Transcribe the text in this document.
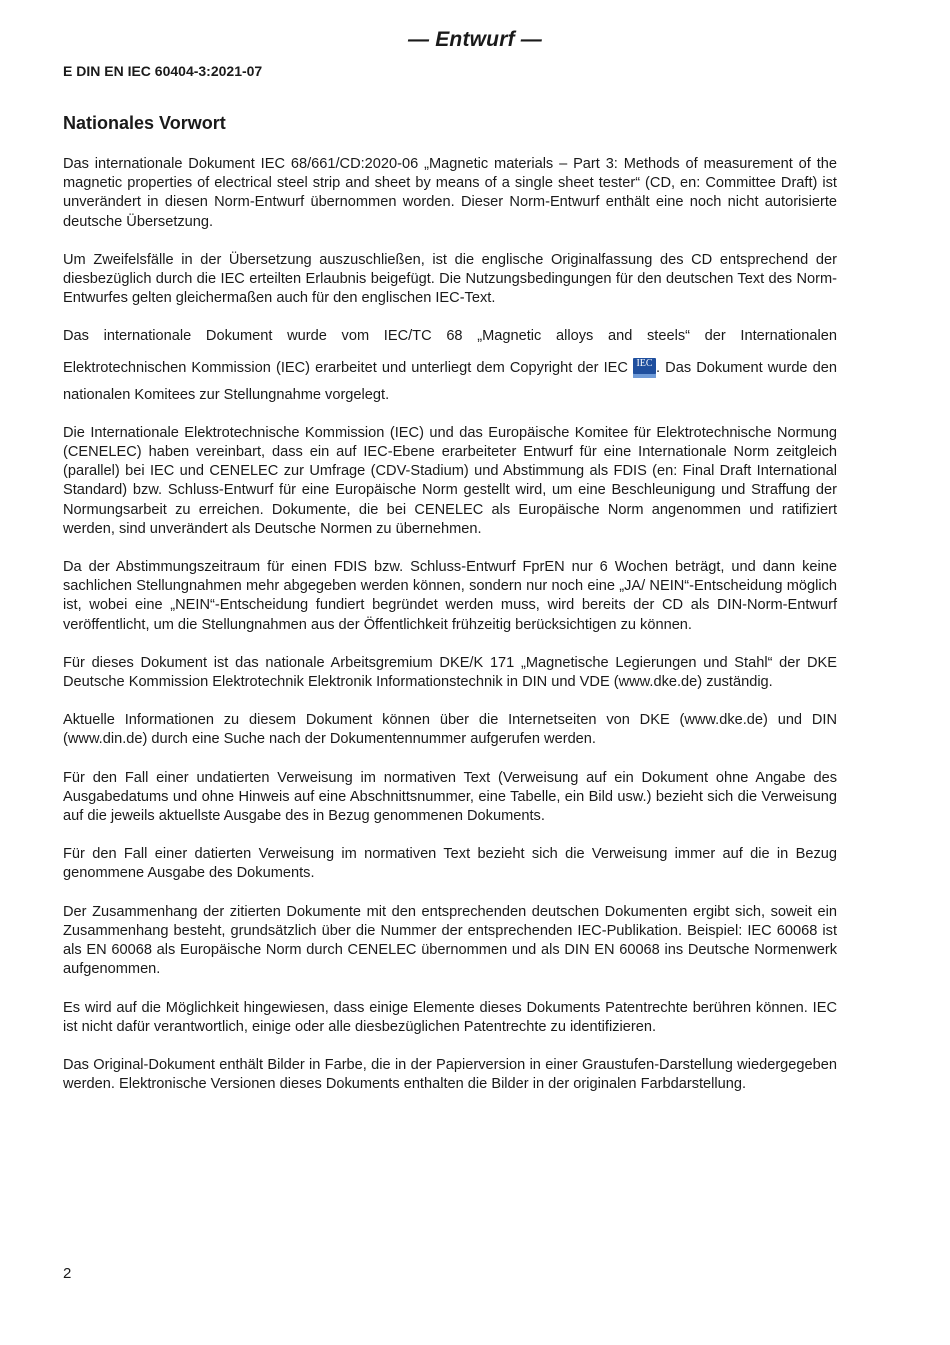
— Entwurf —
E DIN EN IEC 60404-3:2021-07
Nationales Vorwort

Das internationale Dokument IEC 68/661/CD:2020-06 „Magnetic materials – Part 3: Methods of measurement of the magnetic properties of electrical steel strip and sheet by means of a single sheet tester“ (CD, en: Committee Draft) ist unverändert in diesen Norm-Entwurf übernommen worden. Dieser Norm-Entwurf enthält eine noch nicht autorisierte deutsche Übersetzung.

Um Zweifelsfälle in der Übersetzung auszuschließen, ist die englische Originalfassung des CD entsprechend der diesbezüglich durch die IEC erteilten Erlaubnis beigefügt. Die Nutzungsbedingungen für den deutschen Text des Norm-Entwurfes gelten gleichermaßen auch für den englischen IEC-Text.

Das internationale Dokument wurde vom IEC/TC 68 „Magnetic alloys and steels“ der Internationalen
Elektrotechnischen Kommission (IEC) erarbeitet und unterliegt dem Copyright der IEC IEC . Das Dokument wurde den nationalen Komitees zur Stellungnahme vorgelegt.

Die Internationale Elektrotechnische Kommission (IEC) und das Europäische Komitee für Elektrotechnische Normung (CENELEC) haben vereinbart, dass ein auf IEC-Ebene erarbeiteter Entwurf für eine Internationale Norm zeitgleich (parallel) bei IEC und CENELEC zur Umfrage (CDV-Stadium) und Abstimmung als FDIS (en: Final Draft International Standard) bzw. Schluss-Entwurf für eine Europäische Norm gestellt wird, um eine Beschleunigung und Straffung der Normungsarbeit zu erreichen. Dokumente, die bei CENELEC als Europäische Norm angenommen und ratifiziert werden, sind unverändert als Deutsche Normen zu übernehmen.

Da der Abstimmungszeitraum für einen FDIS bzw. Schluss-Entwurf FprEN nur 6 Wochen beträgt, und dann keine sachlichen Stellungnahmen mehr abgegeben werden können, sondern nur noch eine „JA/ NEIN“-Entscheidung möglich ist, wobei eine „NEIN“-Entscheidung fundiert begründet werden muss, wird bereits der CD als DIN-Norm-Entwurf veröffentlicht, um die Stellungnahmen aus der Öffentlichkeit frühzeitig berücksichtigen zu können.

Für dieses Dokument ist das nationale Arbeitsgremium DKE/K 171 „Magnetische Legierungen und Stahl“ der DKE Deutsche Kommission Elektrotechnik Elektronik Informationstechnik in DIN und VDE (www.dke.de) zuständig.

Aktuelle Informationen zu diesem Dokument können über die Internetseiten von DKE (www.dke.de) und DIN (www.din.de) durch eine Suche nach der Dokumentennummer aufgerufen werden.

Für den Fall einer undatierten Verweisung im normativen Text (Verweisung auf ein Dokument ohne Angabe des Ausgabedatums und ohne Hinweis auf eine Abschnittsnummer, eine Tabelle, ein Bild usw.) bezieht sich die Verweisung auf die jeweils aktuellste Ausgabe des in Bezug genommenen Dokuments.

Für den Fall einer datierten Verweisung im normativen Text bezieht sich die Verweisung immer auf die in Bezug genommene Ausgabe des Dokuments.

Der Zusammenhang der zitierten Dokumente mit den entsprechenden deutschen Dokumenten ergibt sich, soweit ein Zusammenhang besteht, grundsätzlich über die Nummer der entsprechenden IEC-Publikation. Beispiel: IEC 60068 ist als EN 60068 als Europäische Norm durch CENELEC übernommen und als DIN EN 60068 ins Deutsche Normenwerk aufgenommen.

Es wird auf die Möglichkeit hingewiesen, dass einige Elemente dieses Dokuments Patentrechte berühren können. IEC ist nicht dafür verantwortlich, einige oder alle diesbezüglichen Patentrechte zu identifizieren.

Das Original-Dokument enthält Bilder in Farbe, die in der Papierversion in einer Graustufen-Darstellung wiedergegeben werden. Elektronische Versionen dieses Dokuments enthalten die Bilder in der originalen Farbdarstellung.

2
